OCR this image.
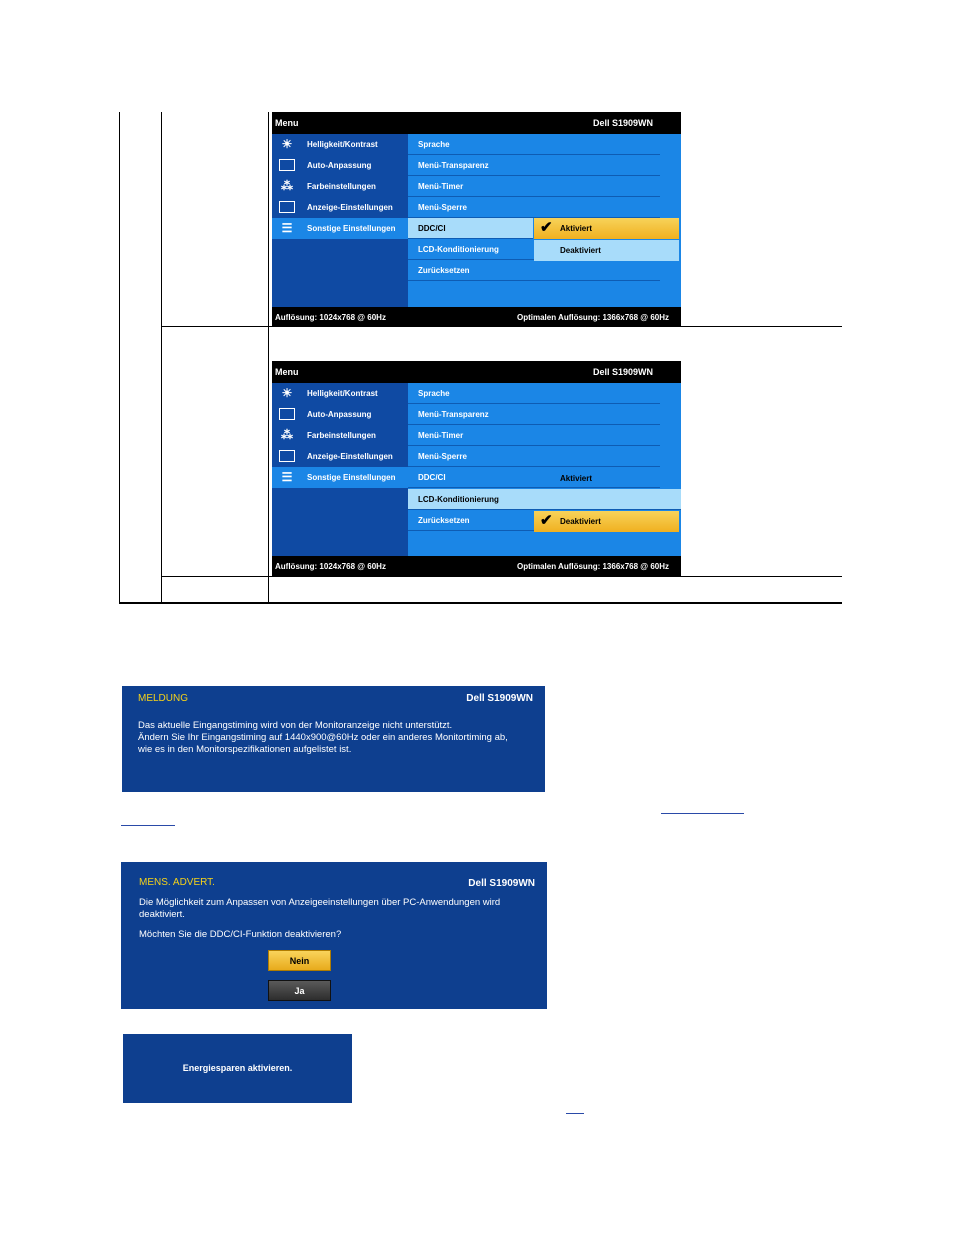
Menu	Dell S1909WN
☀	Helligkeit/Kontrast
Auto-Anpassung
⁂	Farbeinstellungen
Anzeige-Einstellungen
☰	Sonstige Einstellungen
Sprache
Menü-Transparenz
Menü-Timer
Menü-Sperre
DDC/CI
LCD-Konditionierung
Zurücksetzen
✔ Aktiviert
Deaktiviert
Auflösung: 1024x768 @ 60Hz	Optimalen Auflösung: 1366x768 @ 60Hz
Menu	Dell S1909WN
☀	Helligkeit/Kontrast
Auto-Anpassung
⁂	Farbeinstellungen
Anzeige-Einstellungen
☰	Sonstige Einstellungen
Sprache
Menü-Transparenz
Menü-Timer
Menü-Sperre
DDC/CI
LCD-Konditionierung
Zurücksetzen
Aktiviert
✔ Deaktiviert
Auflösung: 1024x768 @ 60Hz	Optimalen Auflösung: 1366x768 @ 60Hz
MELDUNG	Dell S1909WN
Das aktuelle Eingangstiming wird von der Monitoranzeige nicht unterstützt.
Ändern Sie Ihr Eingangstiming auf 1440x900@60Hz oder ein anderes Monitortiming ab,
wie es in den Monitorspezifikationen aufgelistet ist.
MENS. ADVERT.	Dell S1909WN
Die Möglichkeit zum Anpassen von Anzeigeeinstellungen über PC-Anwendungen wird
deaktiviert.
Möchten Sie die DDC/CI-Funktion deaktivieren?
Nein
Ja
Energiesparen aktivieren.
